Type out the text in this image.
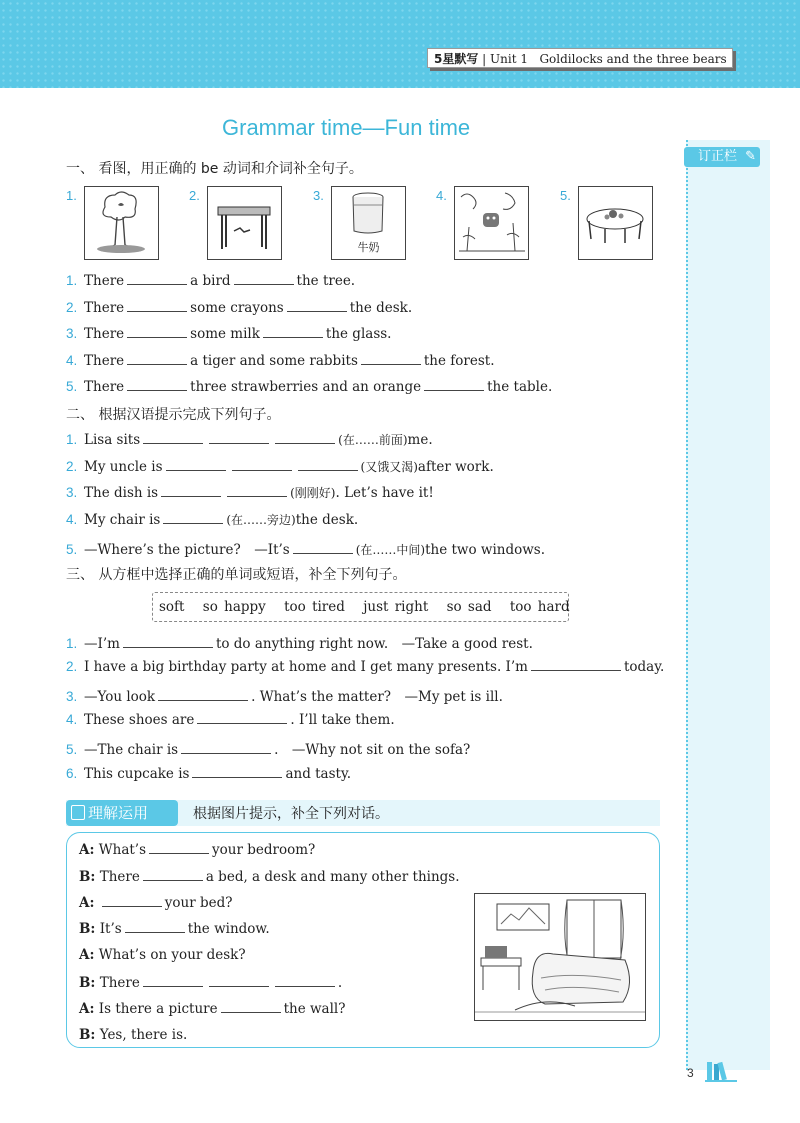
5星默写 | Unit 1 Goldilocks and the three bears
订正栏 ✎
Grammar time—Fun time
一、 看图，用正确的 be 动词和介词补全句子。
1.	2.	3.
牛奶
4.	5.
1. There	a bird	the tree.
2. There	some crayons	the desk.
3. There	some milk	the glass.
4. There	a tiger and some rabbits	the forest.
5. There	three strawberries and an orange	the table.
二、 根据汉语提示完成下列句子。
1. Lisa sits	(在……前面)me.
2. My uncle is	(又饿又渴)after work.
3. The dish is	(刚刚好). Let’s have it!
4. My chair is	(在……旁边)the desk.
5. —Where’s the picture?　—It’s	(在……中间)the two windows.
三、 从方框中选择正确的单词或短语，补全下列句子。
soft so happy too tired just right so sad too hard
1. —I’m	to do anything right now.　—Take a good rest.
2. I have a big birthday party at home and I get many presents. I’m	today.
3. —You look	. What’s the matter?　—My pet is ill.
4. These shoes are	. I’ll take them.
5. —The chair is	.　—Why not sit on the sofa?
6. This cupcake is	and tasty.
理解运用	根据图片提示，补全下列对话。
A: What’s	your bedroom?
B: There	a bed, a desk and many other things.
A:	your bed?
B: It’s	the window.
A: What’s on your desk?
B: There	.
A: Is there a picture	the wall?
B: Yes, there is.
3
